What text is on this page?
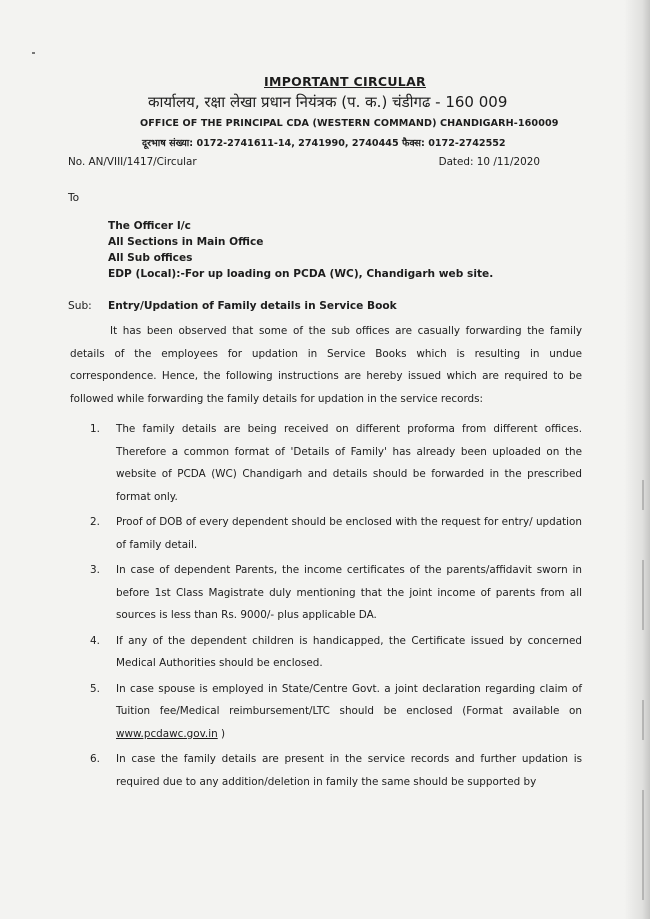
IMPORTANT CIRCULAR
कार्यालय, रक्षा लेखा प्रधान नियंत्रक (प. क.) चंडीगढ - 160 009
OFFICE OF THE PRINCIPAL CDA (WESTERN COMMAND) CHANDIGARH-160009
दूरभाष संख्या: 0172-2741611-14, 2741990, 2740445 फैक्स: 0172-2742552
No. AN/VIII/1417/Circular	Dated: 10 /11/2020
To
The Officer I/c
All Sections in Main Office
All Sub offices
EDP (Local):-For up loading on PCDA (WC), Chandigarh web site.
Sub: Entry/Updation of Family details in Service Book

It has been observed that some of the sub offices are casually forwarding the family details of the employees for updation in Service Books which is resulting in undue correspondence. Hence, the following instructions are hereby issued which are required to be followed while forwarding the family details for updation in the service records:

1. The family details are being received on different proforma from different offices. Therefore a common format of 'Details of Family' has already been uploaded on the website of PCDA (WC) Chandigarh and details should be forwarded in the prescribed format only.
2. Proof of DOB of every dependent should be enclosed with the request for entry/ updation of family detail.
3. In case of dependent Parents, the income certificates of the parents/affidavit sworn in before 1st Class Magistrate duly mentioning that the joint income of parents from all sources is less than Rs. 9000/- plus applicable DA.
4. If any of the dependent children is handicapped, the Certificate issued by concerned Medical Authorities should be enclosed.
5. In case spouse is employed in State/Centre Govt. a joint declaration regarding claim of Tuition fee/Medical reimbursement/LTC should be enclosed (Format available on www.pcdawc.gov.in )
6. In case the family details are present in the service records and further updation is required due to any addition/deletion in family the same should be supported by
